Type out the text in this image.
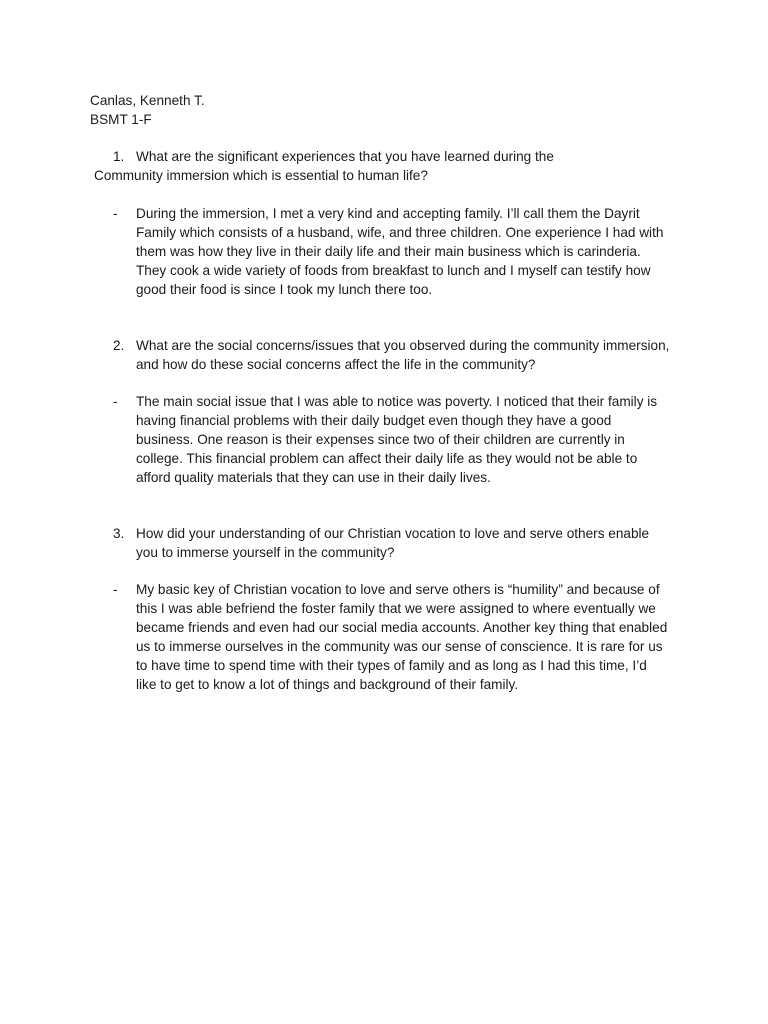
Canlas, Kenneth T.
BSMT 1-F
1. What are the significant experiences that you have learned during the
Community immersion which is essential to human life?
- During the immersion, I met a very kind and accepting family. I’ll call them the Dayrit
Family which consists of a husband, wife, and three children. One experience I had with
them was how they live in their daily life and their main business which is carinderia.
They cook a wide variety of foods from breakfast to lunch and I myself can testify how
good their food is since I took my lunch there too.
2. What are the social concerns/issues that you observed during the community immersion,
and how do these social concerns affect the life in the community?
- The main social issue that I was able to notice was poverty. I noticed that their family is
having financial problems with their daily budget even though they have a good
business. One reason is their expenses since two of their children are currently in
college. This financial problem can affect their daily life as they would not be able to
afford quality materials that they can use in their daily lives.
3. How did your understanding of our Christian vocation to love and serve others enable
you to immerse yourself in the community?
- My basic key of Christian vocation to love and serve others is “humility” and because of
this I was able befriend the foster family that we were assigned to where eventually we
became friends and even had our social media accounts. Another key thing that enabled
us to immerse ourselves in the community was our sense of conscience. It is rare for us
to have time to spend time with their types of family and as long as I had this time, I’d
like to get to know a lot of things and background of their family.
